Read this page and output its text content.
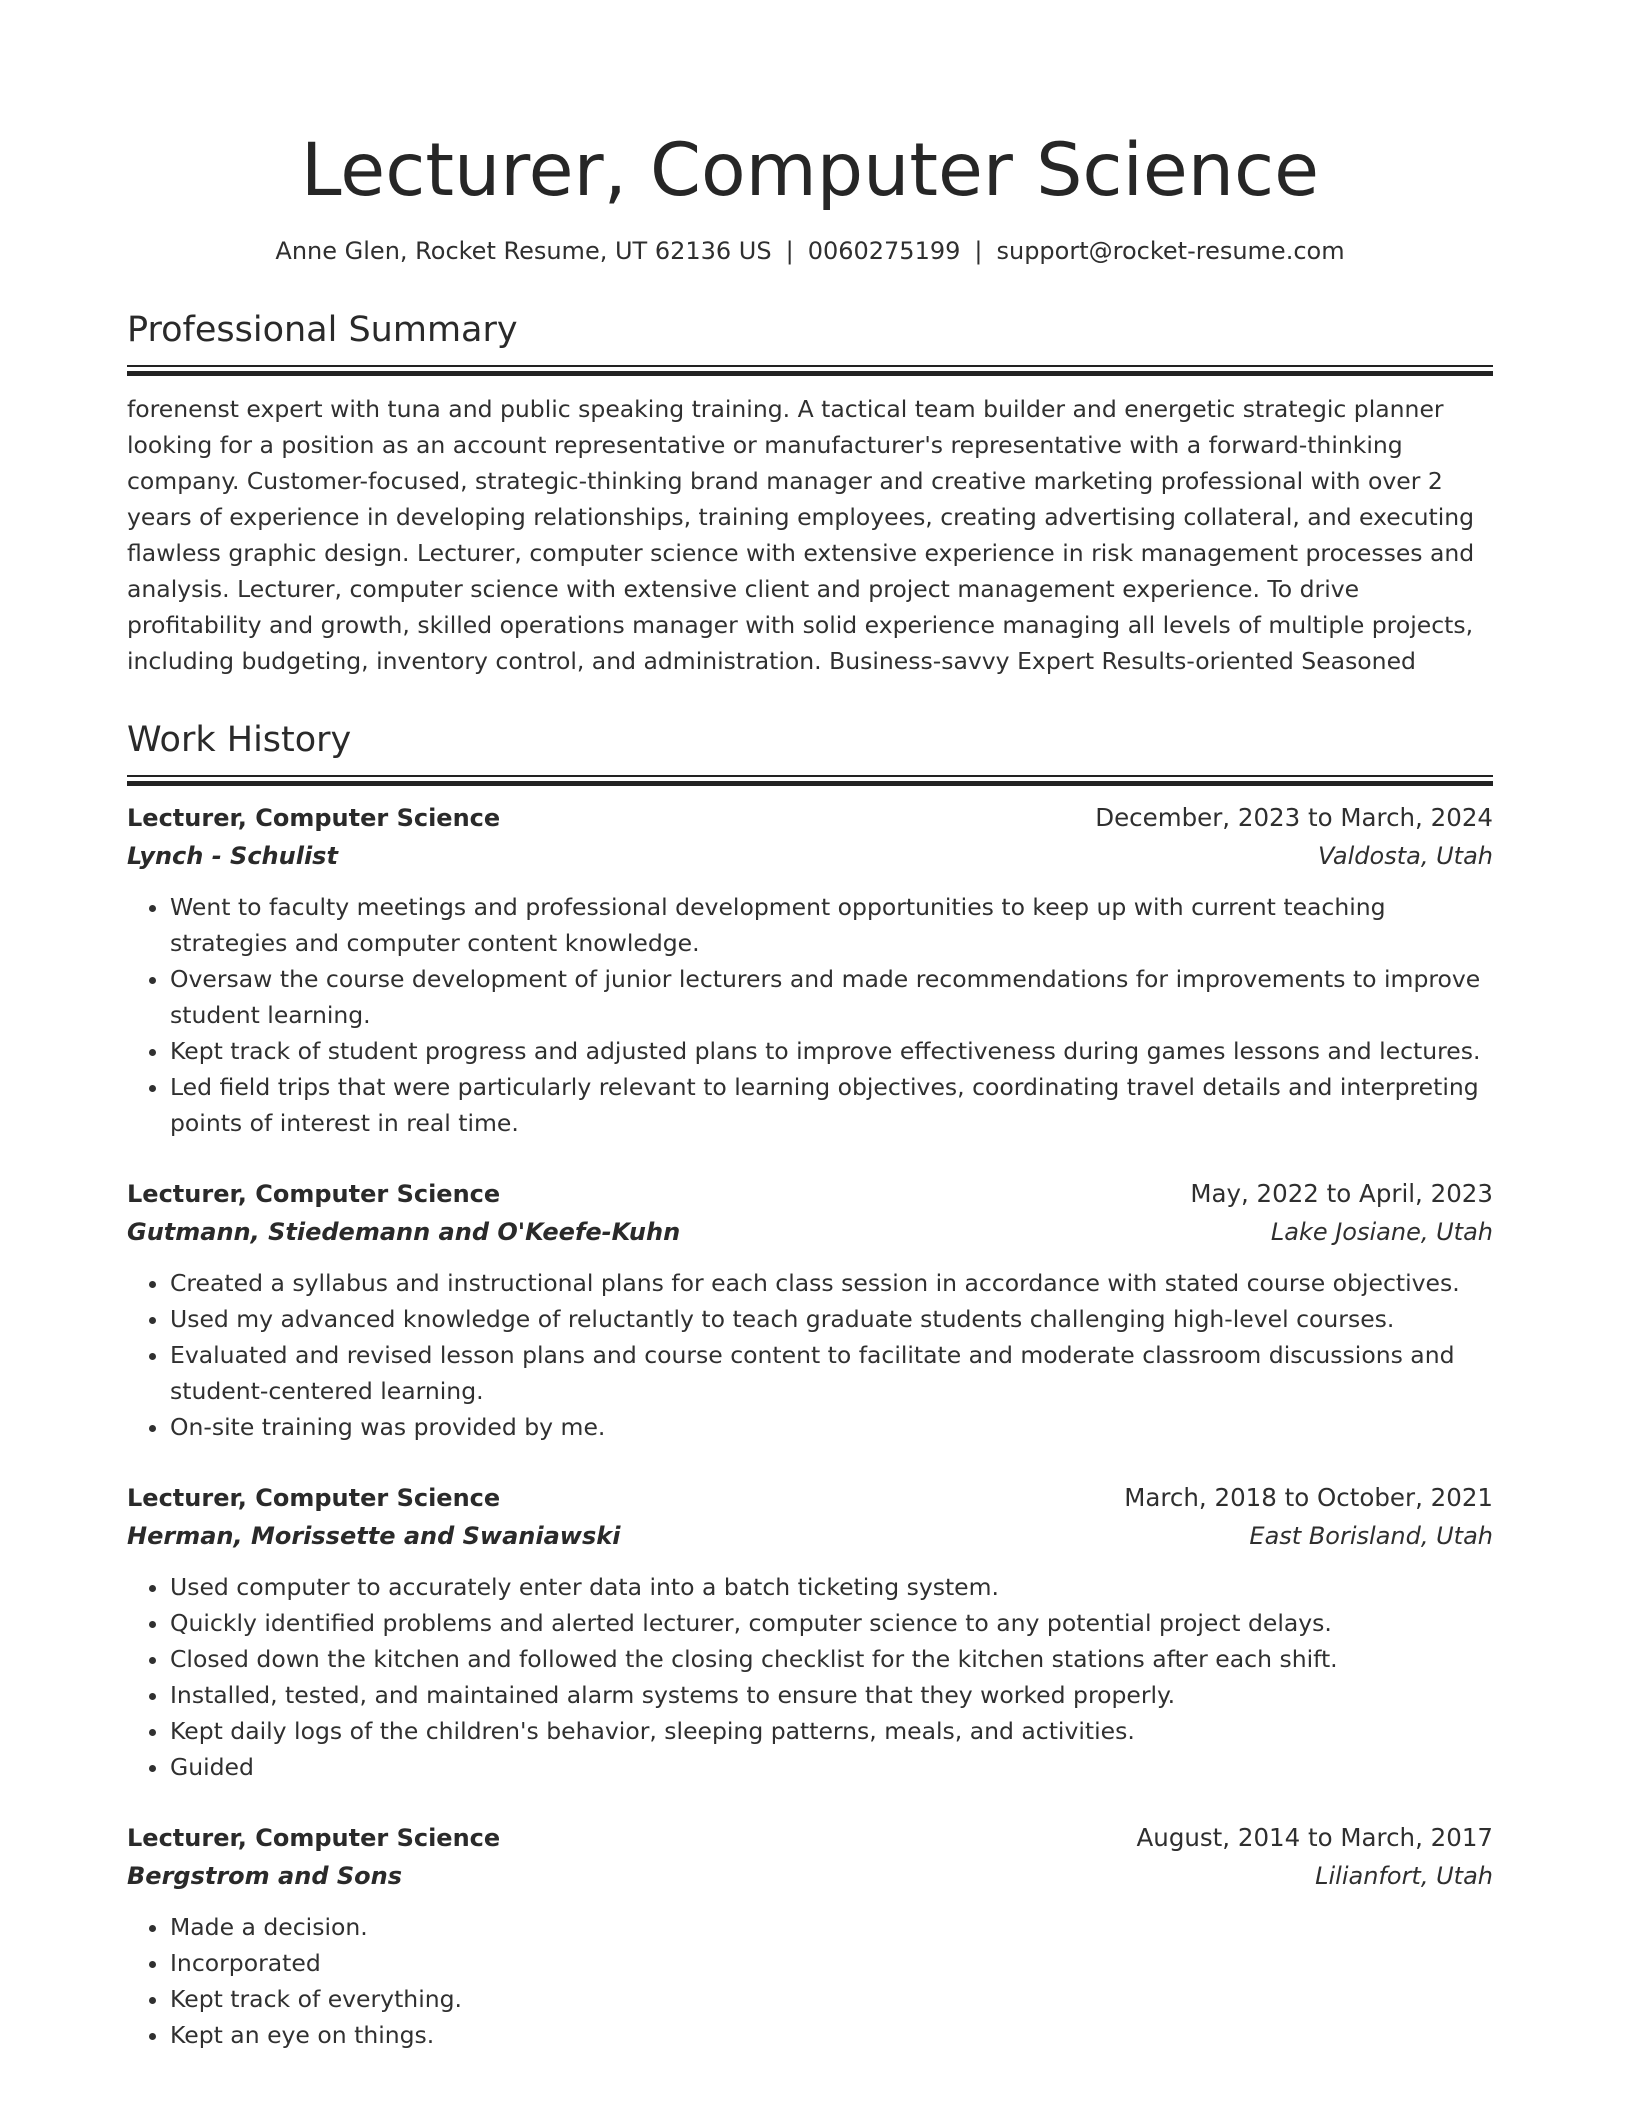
Lecturer, Computer Science
Anne Glen, Rocket Resume, UT 62136 US | 0060275199 | support@rocket-resume.com
Professional Summary

forenenst expert with tuna and public speaking training. A tactical team builder and energetic strategic planner looking for a position as an account representative or manufacturer's representative with a forward-thinking company. Customer-focused, strategic-thinking brand manager and creative marketing professional with over 2 years of experience in developing relationships, training employees, creating advertising collateral, and executing flawless graphic design. Lecturer, computer science with extensive experience in risk management processes and analysis. Lecturer, computer science with extensive client and project management experience. To drive profitability and growth, skilled operations manager with solid experience managing all levels of multiple projects, including budgeting, inventory control, and administration. Business-savvy Expert Results-oriented Seasoned

Work History
Lecturer, Computer Science	December, 2023 to March, 2024
Lynch - Schulist	Valdosta, Utah
• Went to faculty meetings and professional development opportunities to keep up with current teaching strategies and computer content knowledge.
• Oversaw the course development of junior lecturers and made recommendations for improvements to improve student learning.
• Kept track of student progress and adjusted plans to improve effectiveness during games lessons and lectures.
• Led field trips that were particularly relevant to learning objectives, coordinating travel details and interpreting points of interest in real time.
Lecturer, Computer Science	May, 2022 to April, 2023
Gutmann, Stiedemann and O'Keefe-Kuhn	Lake Josiane, Utah
• Created a syllabus and instructional plans for each class session in accordance with stated course objectives.
• Used my advanced knowledge of reluctantly to teach graduate students challenging high-level courses.
• Evaluated and revised lesson plans and course content to facilitate and moderate classroom discussions and student-centered learning.
• On-site training was provided by me.
Lecturer, Computer Science	March, 2018 to October, 2021
Herman, Morissette and Swaniawski	East Borisland, Utah
• Used computer to accurately enter data into a batch ticketing system.
• Quickly identified problems and alerted lecturer, computer science to any potential project delays.
• Closed down the kitchen and followed the closing checklist for the kitchen stations after each shift.
• Installed, tested, and maintained alarm systems to ensure that they worked properly.
• Kept daily logs of the children's behavior, sleeping patterns, meals, and activities.
• Guided
Lecturer, Computer Science	August, 2014 to March, 2017
Bergstrom and Sons	Lilianfort, Utah
• Made a decision.
• Incorporated
• Kept track of everything.
• Kept an eye on things.
